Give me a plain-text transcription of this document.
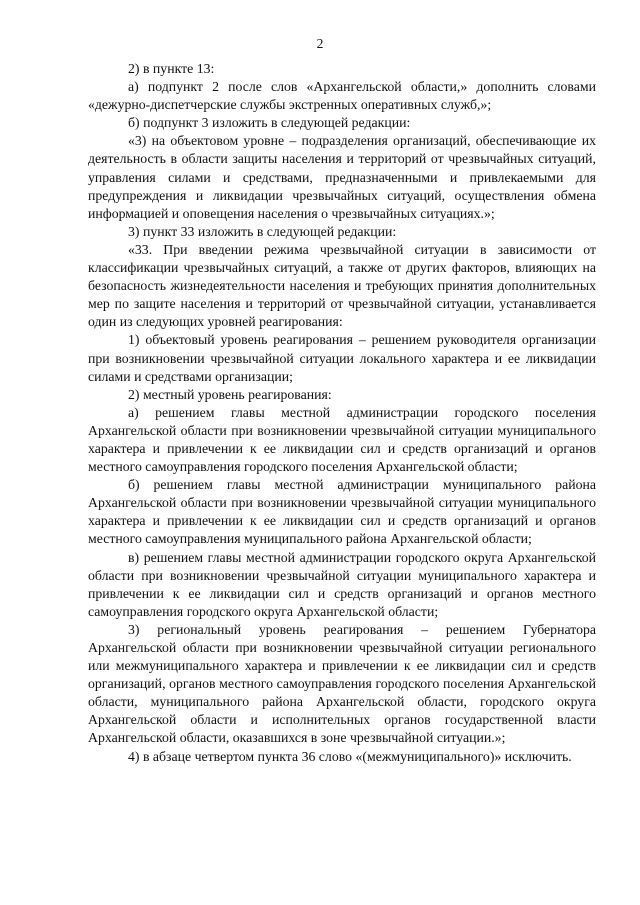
2

2) в пункте 13:

а) подпункт 2 после слов «Архангельской области,» дополнить словами «дежурно-диспетчерские службы экстренных оперативных служб,»;

б) подпункт 3 изложить в следующей редакции:

«3) на объектовом уровне – подразделения организаций, обеспечивающие их деятельность в области защиты населения и территорий от чрезвычайных ситуаций, управления силами и средствами, предназначенными и привлекаемыми для предупреждения и ликвидации чрезвычайных ситуаций, осуществления обмена информацией и оповещения населения о чрезвычайных ситуациях.»;

3) пункт 33 изложить в следующей редакции:

«33. При введении режима чрезвычайной ситуации в зависимости от классификации чрезвычайных ситуаций, а также от других факторов, влияющих на безопасность жизнедеятельности населения и требующих принятия дополнительных мер по защите населения и территорий от чрезвычайной ситуации, устанавливается один из следующих уровней реагирования:

1) объектовый уровень реагирования – решением руководителя организации при возникновении чрезвычайной ситуации локального характера и ее ликвидации силами и средствами организации;

2) местный уровень реагирования:

а) решением главы местной администрации городского поселения Архангельской области при возникновении чрезвычайной ситуации муниципального характера и привлечении к ее ликвидации сил и средств организаций и органов местного самоуправления городского поселения Архангельской области;

б) решением главы местной администрации муниципального района Архангельской области при возникновении чрезвычайной ситуации муниципального характера и привлечении к ее ликвидации сил и средств организаций и органов местного самоуправления муниципального района Архангельской области;

в) решением главы местной администрации городского округа Архангельской области при возникновении чрезвычайной ситуации муниципального характера и привлечении к ее ликвидации сил и средств организаций и органов местного самоуправления городского округа Архангельской области;

3) региональный уровень реагирования – решением Губернатора Архангельской области при возникновении чрезвычайной ситуации регионального или межмуниципального характера и привлечении к ее ликвидации сил и средств организаций, органов местного самоуправления городского поселения Архангельской области, муниципального района Архангельской области, городского округа Архангельской области и исполнительных органов государственной власти Архангельской области, оказавшихся в зоне чрезвычайной ситуации.»;

4) в абзаце четвертом пункта 36 слово «(межмуниципального)» исключить.
